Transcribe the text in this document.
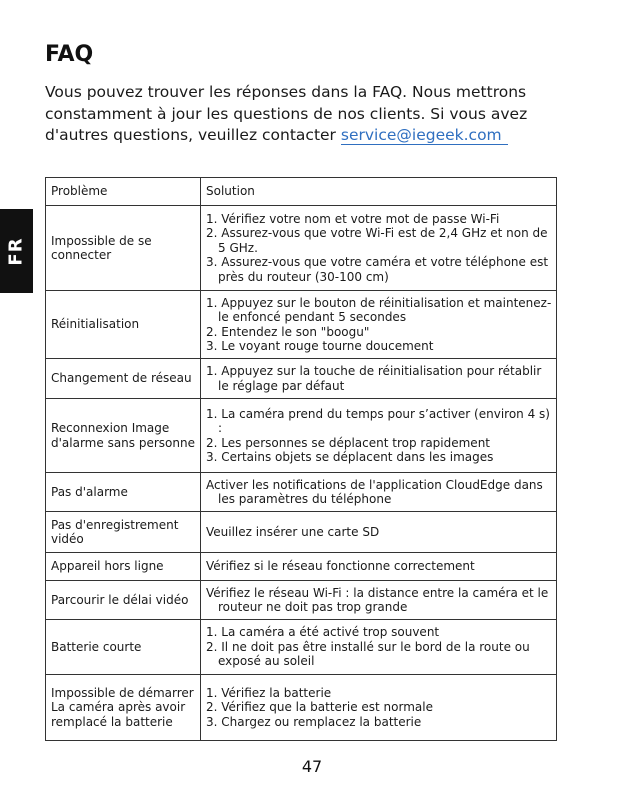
FR
FAQ

Vous pouvez trouver les réponses dans la FAQ. Nous mettrons constamment à jour les questions de nos clients. Si vous avez d'autres questions, veuillez contacter service@iegeek.com

Problème	Solution
Impossible de se connecter	1. Vérifiez votre nom et votre mot de passe Wi-Fi
2. Assurez-vous que votre Wi-Fi est de 2,4 GHz et non de 5 GHz.
3. Assurez-vous que votre caméra et votre téléphone est près du routeur (30-100 cm)

Réinitialisation	1. Appuyez sur le bouton de réinitialisation et maintenez-le enfoncé pendant 5 secondes
2. Entendez le son "boogu"
3. Le voyant rouge tourne doucement

Changement de réseau	1. Appuyez sur la touche de réinitialisation pour rétablir le réglage par défaut

Reconnexion Image d'alarme sans personne	1. La caméra prend du temps pour s’activer (environ 4 s) :
2. Les personnes se déplacent trop rapidement
3. Certains objets se déplacent dans les images

Pas d'alarme	Activer les notifications de l'application CloudEdge dans les paramètres du téléphone

Pas d'enregistrement vidéo	Veuillez insérer une carte SD

Appareil hors ligne	Vérifiez si le réseau fonctionne correctement

Parcourir le délai vidéo	Vérifiez le réseau Wi-Fi : la distance entre la caméra et le routeur ne doit pas trop grande

Batterie courte	1. La caméra a été activé trop souvent
2. Il ne doit pas être installé sur le bord de la route ou exposé au soleil

Impossible de démarrer La caméra après avoir remplacé la batterie	1. Vérifiez la batterie
2. Vérifiez que la batterie est normale
3. Chargez ou remplacez la batterie
47
